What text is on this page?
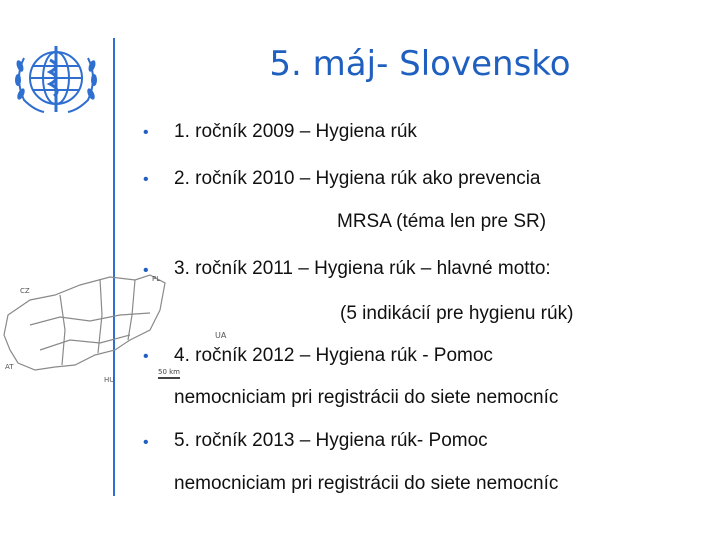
5. máj- Slovensko
CZ
PL
AT
HU
UA
50 km
• 1. ročník 2009 – Hygiena rúk
• 2. ročník 2010 – Hygiena rúk ako prevencia
MRSA (téma len pre SR)
• 3. ročník 2011 – Hygiena rúk – hlavné motto:
(5 indikácií pre hygienu rúk)
• 4. ročník 2012 – Hygiena rúk - Pomoc
nemocniciam pri registrácii do siete nemocníc
• 5. ročník 2013 – Hygiena rúk- Pomoc
nemocniciam pri registrácii do siete nemocníc
